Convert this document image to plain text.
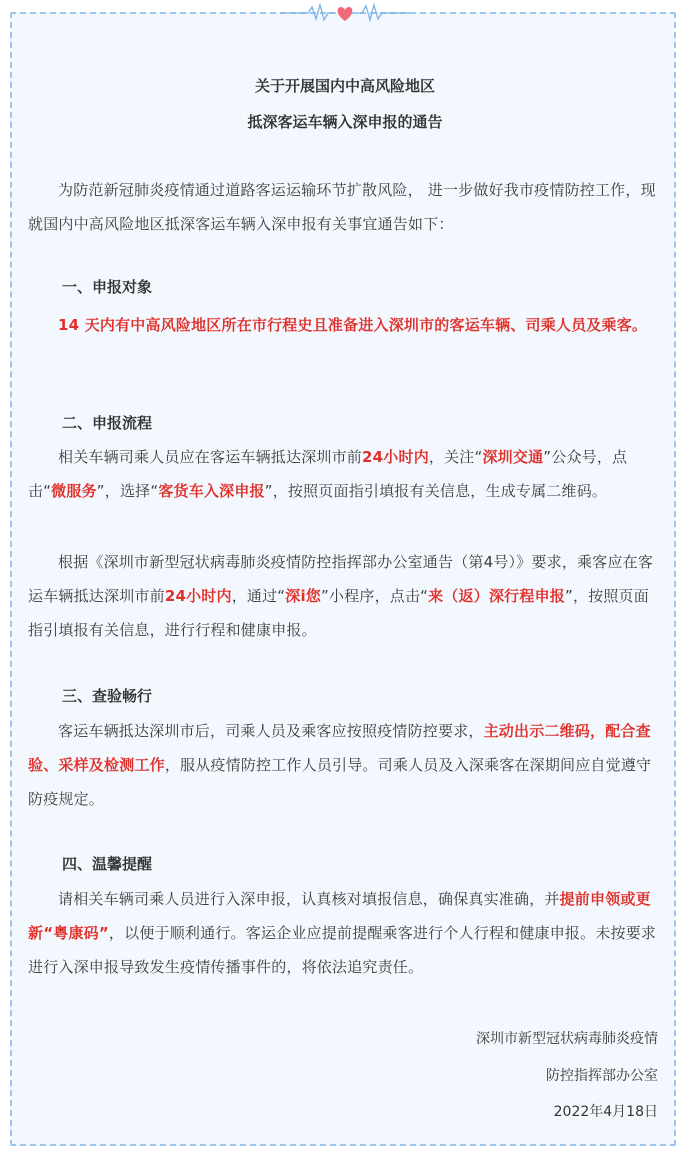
关于开展国内中高风险地区
抵深客运车辆入深申报的通告

为防范新冠肺炎疫情通过道路客运运输环节扩散风险， 进一步做好我市疫情防控工作，现就国内中高风险地区抵深客运车辆入深申报有关事宜通告如下：

一、申报对象

14 天内有中高风险地区所在市行程史且准备进入深圳市的客运车辆、司乘人员及乘客。

二、申报流程

相关车辆司乘人员应在客运车辆抵达深圳市前24小时内，关注“深圳交通”公众号，点击“微服务”，选择“客货车入深申报”，按照页面指引填报有关信息，生成专属二维码。

根据《深圳市新型冠状病毒肺炎疫情防控指挥部办公室通告（第4号）》要求，乘客应在客运车辆抵达深圳市前24小时内，通过“深i您”小程序，点击“来（返）深行程申报”，按照页面指引填报有关信息，进行行程和健康申报。

三、查验畅行

客运车辆抵达深圳市后，司乘人员及乘客应按照疫情防控要求，主动出示二维码，配合查验、采样及检测工作，服从疫情防控工作人员引导。司乘人员及入深乘客在深期间应自觉遵守防疫规定。

四、温馨提醒

请相关车辆司乘人员进行入深申报，认真核对填报信息，确保真实准确，并提前申领或更新“粤康码”，以便于顺利通行。客运企业应提前提醒乘客进行个人行程和健康申报。未按要求进行入深申报导致发生疫情传播事件的，将依法追究责任。

深圳市新型冠状病毒肺炎疫情
防控指挥部办公室
2022年4月18日
